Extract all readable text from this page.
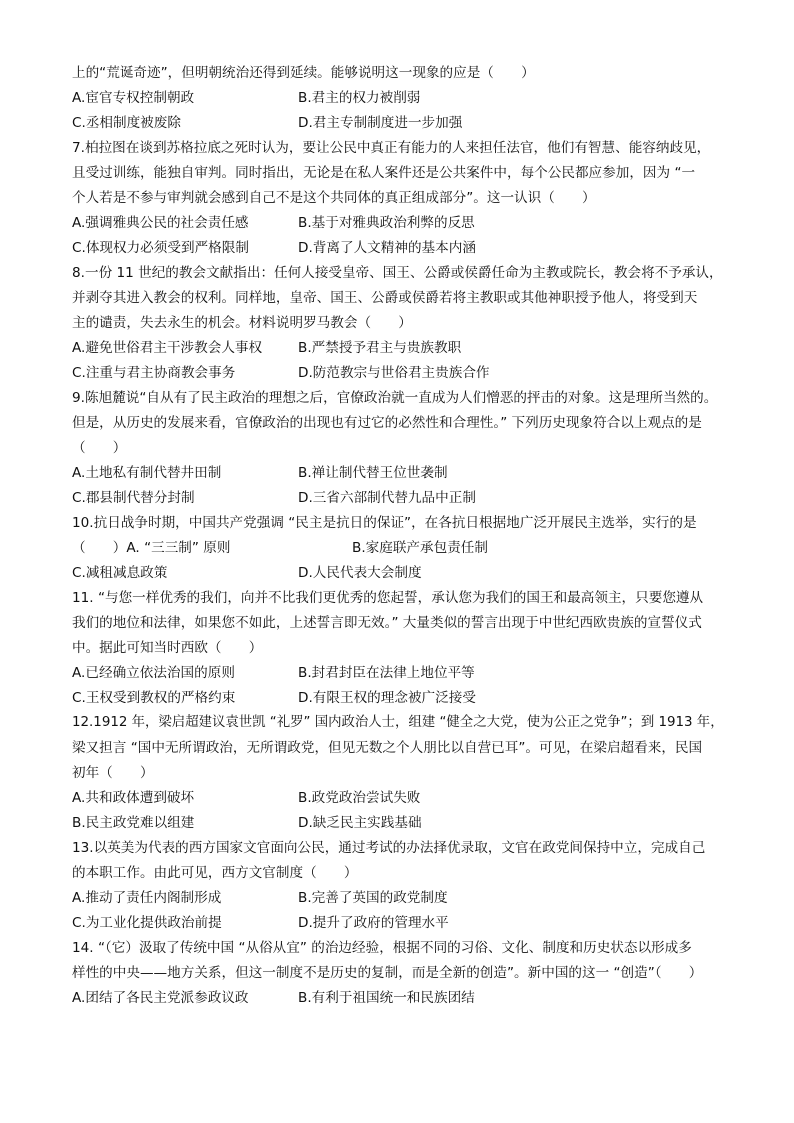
上的“荒诞奇迹”，但明朝统治还得到延续。能够说明这一现象的应是（　　）
A.宦官专权控制朝政	B.君主的权力被削弱
C.丞相制度被废除	D.君主专制制度进一步加强
7.柏拉图在谈到苏格拉底之死时认为，要让公民中真正有能力的人来担任法官，他们有智慧、能容纳歧见，
且受过训练，能独自审判。同时指出，无论是在私人案件还是公共案件中，每个公民都应参加，因为 “一
个人若是不参与审判就会感到自己不是这个共同体的真正组成部分”。这一认识（　　）
A.强调雅典公民的社会责任感	B.基于对雅典政治利弊的反思
C.体现权力必须受到严格限制	D.背离了人文精神的基本内涵
8.一份 11 世纪的教会文献指出：任何人接受皇帝、国王、公爵或侯爵任命为主教或院长，教会将不予承认，
并剥夺其进入教会的权利。同样地，皇帝、国王、公爵或侯爵若将主教职或其他神职授予他人，将受到天
主的谴责，失去永生的机会。材料说明罗马教会（　　）
A.避免世俗君主干涉教会人事权	B.严禁授予君主与贵族教职
C.注重与君主协商教会事务	D.防范教宗与世俗君主贵族合作
9.陈旭麓说“自从有了民主政治的理想之后，官僚政治就一直成为人们憎恶的抨击的对象。这是理所当然的。
但是，从历史的发展来看，官僚政治的出现也有过它的必然性和合理性。” 下列历史现象符合以上观点的是
（　　）
A.土地私有制代替井田制	B.禅让制代替王位世袭制
C.郡县制代替分封制	D.三省六部制代替九品中正制
10.抗日战争时期，中国共产党强调 “民主是抗日的保证”，在各抗日根据地广泛开展民主选举，实行的是
（　　）A. “三三制” 原则	B.家庭联产承包责任制
C.减租减息政策	D.人民代表大会制度
11. “与您一样优秀的我们，向并不比我们更优秀的您起誓，承认您为我们的国王和最高领主，只要您遵从
我们的地位和法律，如果您不如此，上述誓言即无效。” 大量类似的誓言出现于中世纪西欧贵族的宣誓仪式
中。据此可知当时西欧（　　）
A.已经确立依法治国的原则	B.封君封臣在法律上地位平等
C.王权受到教权的严格约束	D.有限王权的理念被广泛接受
12.1912 年，梁启超建议袁世凯 “礼罗” 国内政治人士，组建 “健全之大党，使为公正之党争”；到 1913 年，
梁又担言 “国中无所谓政治，无所谓政党，但见无数之个人朋比以自营已耳”。可见，在梁启超看来，民国
初年（　　）
A.共和政体遭到破坏	B.政党政治尝试失败
B.民主政党难以组建	D.缺乏民主实践基础
13.以英美为代表的西方国家文官面向公民，通过考试的办法择优录取，文官在政党间保持中立，完成自己
的本职工作。由此可见，西方文官制度（　　）
A.推动了责任内阁制形成	B.完善了英国的政党制度
C.为工业化提供政治前提	D.提升了政府的管理水平
14. “（它）汲取了传统中国 “从俗从宜” 的治边经验，根据不同的习俗、文化、制度和历史状态以形成多
样性的中央——地方关系，但这一制度不是历史的复制，而是全新的创造”。新中国的这一 “创造”（　　）
A.团结了各民主党派参政议政	B.有利于祖国统一和民族团结
